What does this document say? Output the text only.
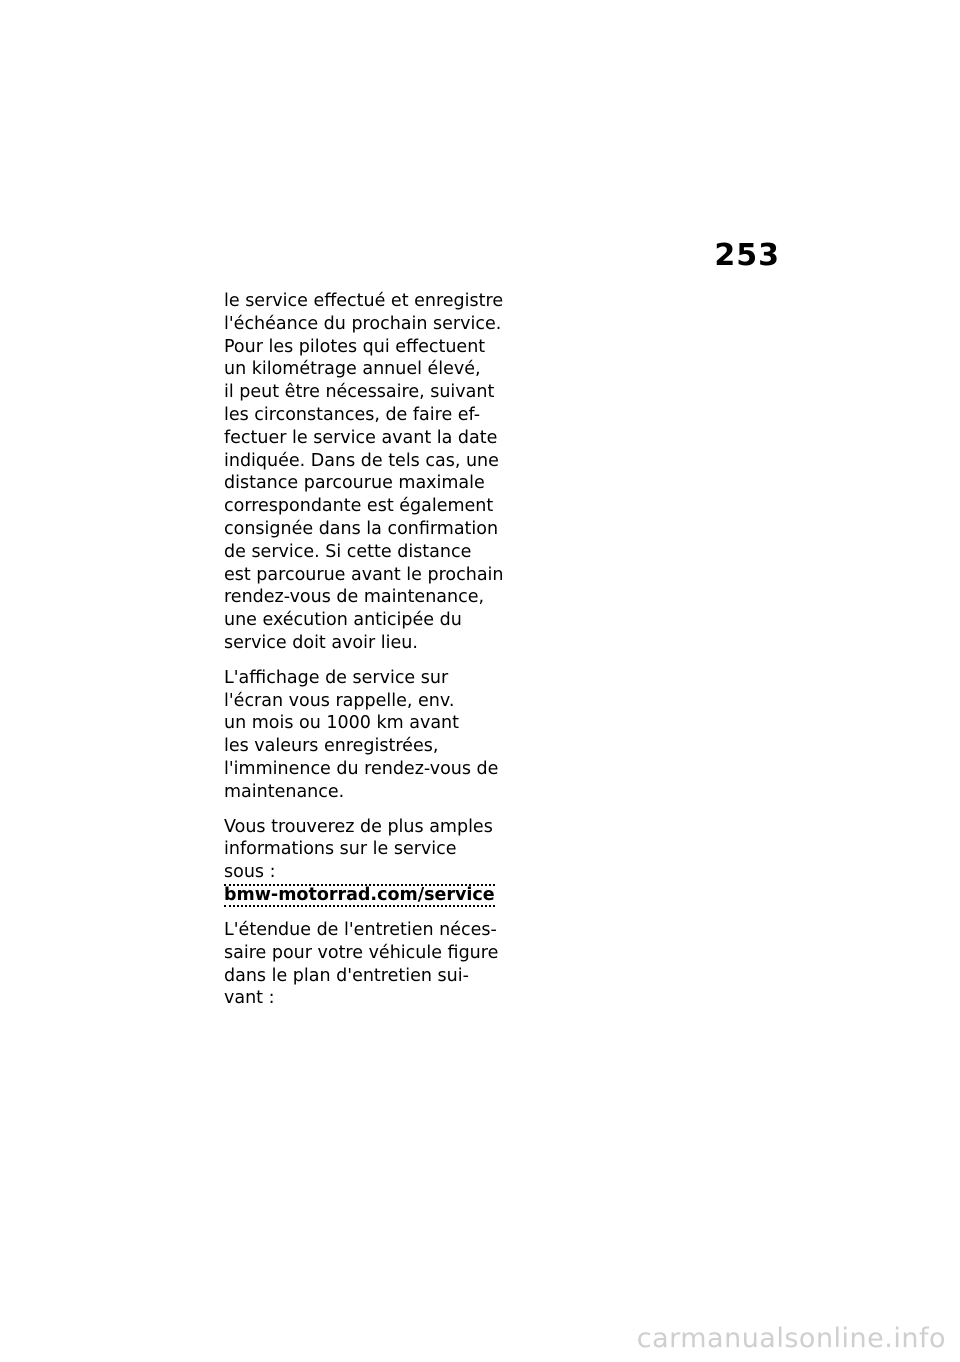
253

le service effectué et enregistre
l'échéance du prochain service.
Pour les pilotes qui effectuent
un kilométrage annuel élevé,
il peut être nécessaire, suivant
les circonstances, de faire ef-
fectuer le service avant la date
indiquée. Dans de tels cas, une
distance parcourue maximale
correspondante est également
consignée dans la confirmation
de service. Si cette distance
est parcourue avant le prochain
rendez-vous de maintenance,
une exécution anticipée du
service doit avoir lieu.

L'affichage de service sur
l'écran vous rappelle, env.
un mois ou 1000 km avant
les valeurs enregistrées,
l'imminence du rendez-vous de
maintenance.

Vous trouverez de plus amples
informations sur le service
sous :
bmw-motorrad.com/service

L'étendue de l'entretien néces-
saire pour votre véhicule figure
dans le plan d'entretien sui-
vant :

carmanualsonline.info
